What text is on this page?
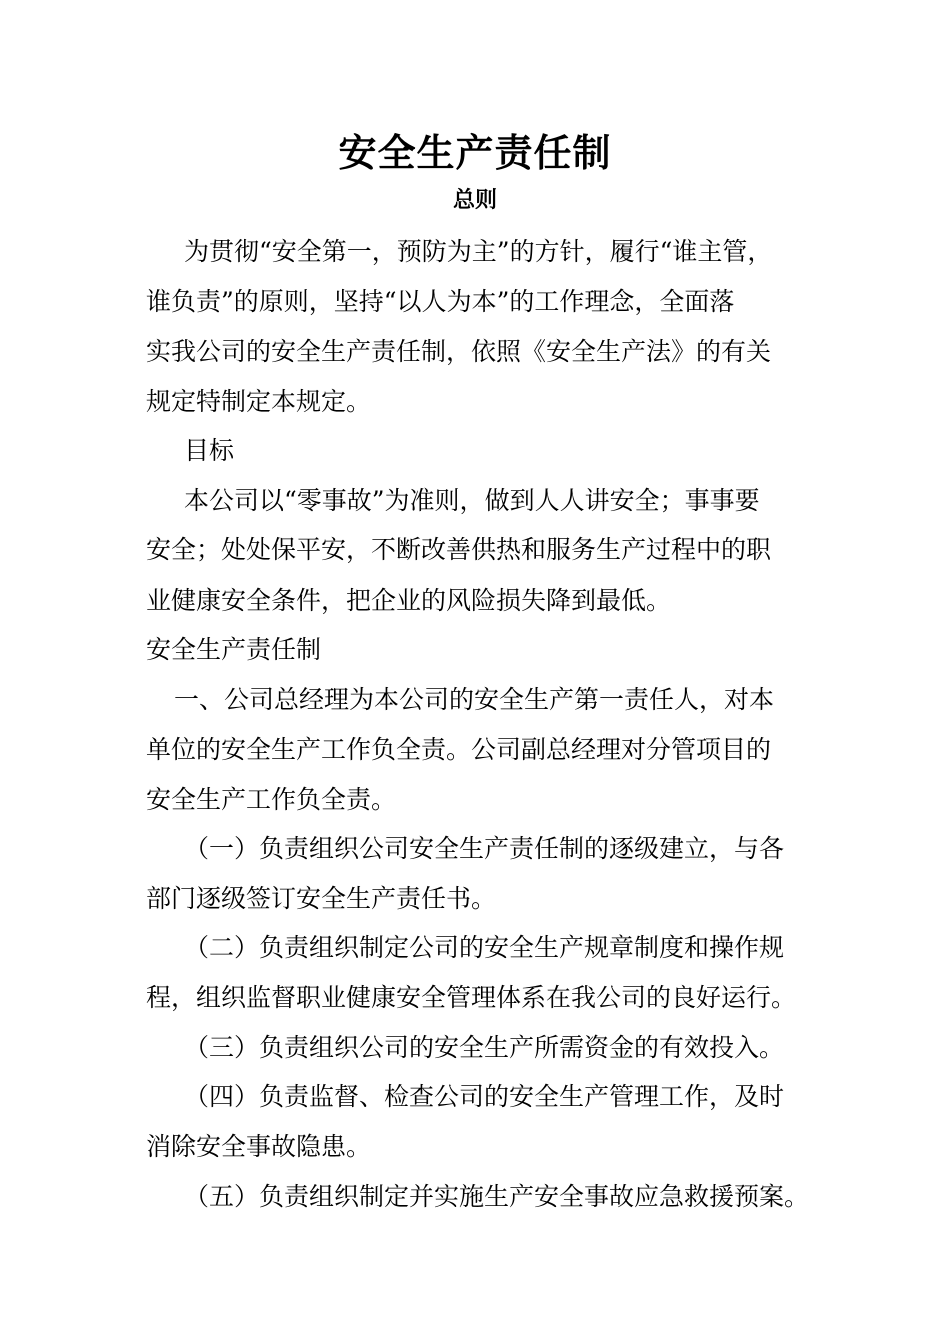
安全生产责任制
总则
为贯彻“安全第一，预防为主”的方针，履行“谁主管，
谁负责”的原则，坚持“以人为本”的工作理念，全面落
实我公司的安全生产责任制，依照《安全生产法》的有关
规定特制定本规定。
目标
本公司以“零事故”为准则，做到人人讲安全；事事要
安全；处处保平安，不断改善供热和服务生产过程中的职
业健康安全条件，把企业的风险损失降到最低。
安全生产责任制
一、公司总经理为本公司的安全生产第一责任人，对本
单位的安全生产工作负全责。公司副总经理对分管项目的
安全生产工作负全责。
（一）负责组织公司安全生产责任制的逐级建立，与各
部门逐级签订安全生产责任书。
（二）负责组织制定公司的安全生产规章制度和操作规
程，组织监督职业健康安全管理体系在我公司的良好运行。
（三）负责组织公司的安全生产所需资金的有效投入。
（四）负责监督、检查公司的安全生产管理工作，及时
消除安全事故隐患。
（五）负责组织制定并实施生产安全事故应急救援预案。
